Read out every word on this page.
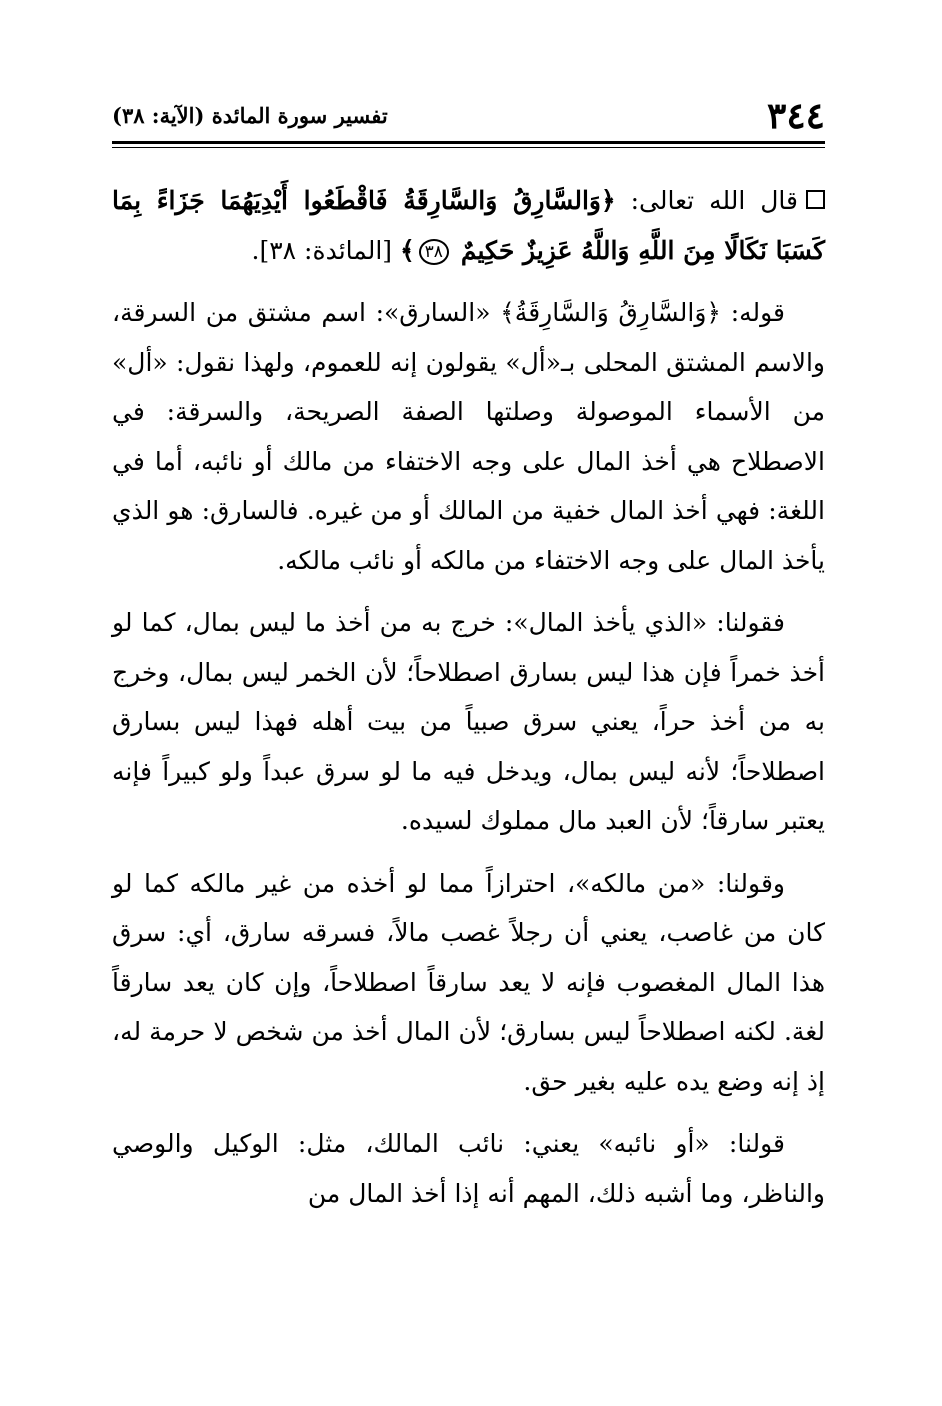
٣٤٤
تفسير سورة المائدة (الآية: ٣٨)

قال الله تعالى: ﴿وَالسَّارِقُ وَالسَّارِقَةُ فَاقْطَعُوا أَيْدِيَهُمَا جَزَاءً بِمَا كَسَبَا نَكَالًا مِنَ اللَّهِ وَاللَّهُ عَزِيزٌ حَكِيمٌ ٣٨﴾ [المائدة: ٣٨].

قوله: ﴿وَالسَّارِقُ وَالسَّارِقَةُ﴾ «السارق»: اسم مشتق من السرقة، والاسم المشتق المحلى بـ«أل» يقولون إنه للعموم، ولهذا نقول: «أل» من الأسماء الموصولة وصلتها الصفة الصريحة، والسرقة: في الاصطلاح هي أخذ المال على وجه الاختفاء من مالك أو نائبه، أما في اللغة: فهي أخذ المال خفية من المالك أو من غيره. فالسارق: هو الذي يأخذ المال على وجه الاختفاء من مالكه أو نائب مالكه.

فقولنا: «الذي يأخذ المال»: خرج به من أخذ ما ليس بمال، كما لو أخذ خمراً فإن هذا ليس بسارق اصطلاحاً؛ لأن الخمر ليس بمال، وخرج به من أخذ حراً، يعني سرق صبياً من بيت أهله فهذا ليس بسارق اصطلاحاً؛ لأنه ليس بمال، ويدخل فيه ما لو سرق عبداً ولو كبيراً فإنه يعتبر سارقاً؛ لأن العبد مال مملوك لسيده.

وقولنا: «من مالكه»، احترازاً مما لو أخذه من غير مالكه كما لو كان من غاصب، يعني أن رجلاً غصب مالاً، فسرقه سارق، أي: سرق هذا المال المغصوب فإنه لا يعد سارقاً اصطلاحاً، وإن كان يعد سارقاً لغة. لكنه اصطلاحاً ليس بسارق؛ لأن المال أخذ من شخص لا حرمة له، إذ إنه وضع يده عليه بغير حق.

قولنا: «أو نائبه» يعني: نائب المالك، مثل: الوكيل والوصي والناظر، وما أشبه ذلك، المهم أنه إذا أخذ المال من
